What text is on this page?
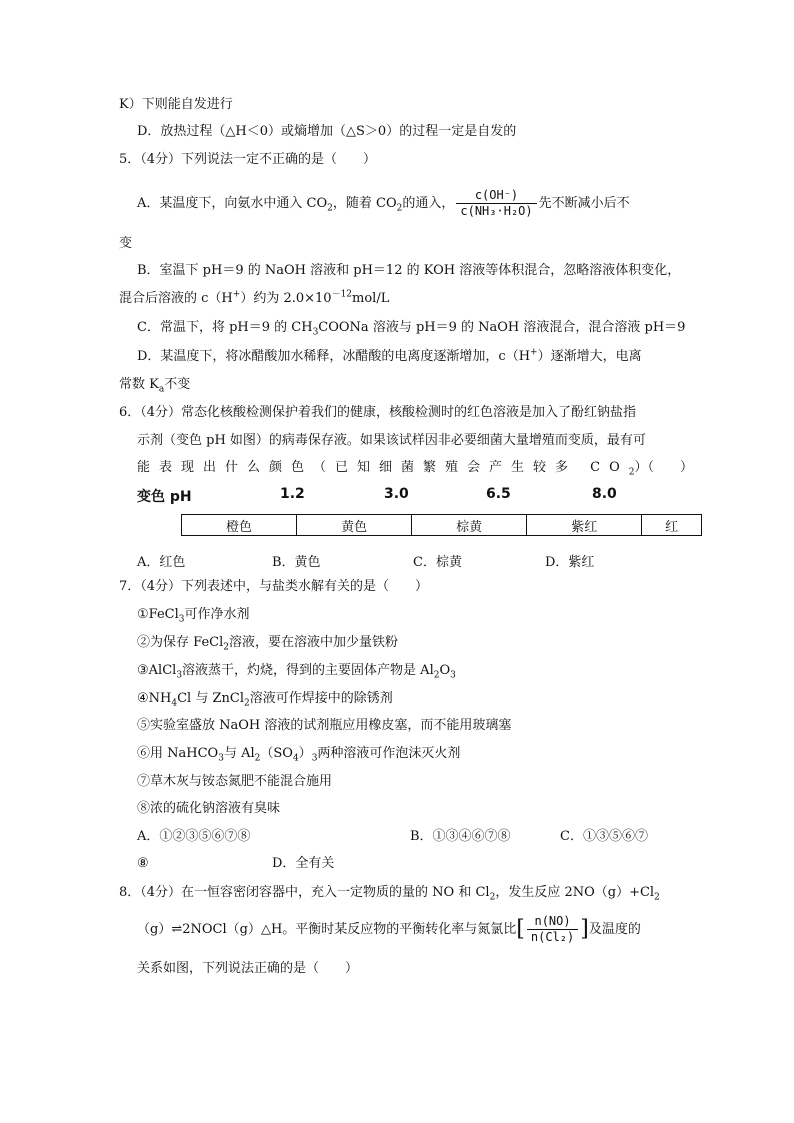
K）下则能自发进行
D．放热过程（△H＜0）或熵增加（△S＞0）的过程一定是自发的
5．（4分）下列说法一定不正确的是（　　）
A．某温度下，向氨水中通入 $CO_2$，随着 $CO_2$的通入， $\frac{c(OH^-)}{\text{c(NH₃·H₂O)}}$ 先不断减小后不
变
B．室温下 pH＝9 的 NaOH 溶液和 pH＝12 的 KOH 溶液等体积混合，忽略溶液体积变化，
混合后溶液的 c（H+）约为 $2.0\times 10^{-12}mol/L$
C．常温下，将 pH＝9 的 $CH_3COONa$ 溶液与 pH＝9 的 NaOH 溶液混合，混合溶液 pH＝9
D．某温度下，将冰醋酸加水稀释，冰醋酸的电离度逐渐增加，c（H+）逐渐增大，电离
常数 $K_a$不变
6．（4分）常态化核酸检测保护着我们的健康，核酸检测时的红色溶液是加入了酚红钠盐指
示剂（变色 pH 如图）的病毒保存液。如果该试样因非必要细菌大量增殖而变质，最有可
能表现出什么颜色（已知细菌繁殖会产生较多 $CO_2$）（　　）
变色 pH	1.2	3.0	6.5	8.0
橙色	黄色	棕黄	紫红	红
A．红色	B．黄色	C．棕黄	D．紫红
7．（4分）下列表述中，与盐类水解有关的是（　　）
①FeCl$_3$可作净水剂
②为保存 FeCl$_2$溶液，要在溶液中加少量铁粉
③AlCl$_3$溶液蒸干，灼烧，得到的主要固体产物是 $Al_2O_3$
$④NH_4Cl$ 与 ZnCl$_2$溶液可作焊接中的除锈剂
⑤实验室盛放 NaOH 溶液的试剂瓶应用橡皮塞，而不能用玻璃塞
⑥用 NaHCO$_3$与 $Al_2(SO_4)_3$两种溶液可作泡沫灭火剂
⑦草木灰与铵态氮肥不能混合施用
⑧浓的硫化钠溶液有臭味
A．①②③⑤⑥⑦⑧	B．①③④⑥⑦⑧	C．①③⑤⑥⑦
⑧	D．全有关
8．（4分）在一恒容密闭容器中，充入一定物质的量的 NO 和 $Cl_2$，发生反应 $2NO(g)+Cl_2$
（g）⇌2NOCl（g）△H。平衡时某反应物的平衡转化率与氮氯比[ $\frac{n(NO)}{\text{n(Cl₂)}}$ ]及温度的
关系如图，下列说法正确的是（　　）
